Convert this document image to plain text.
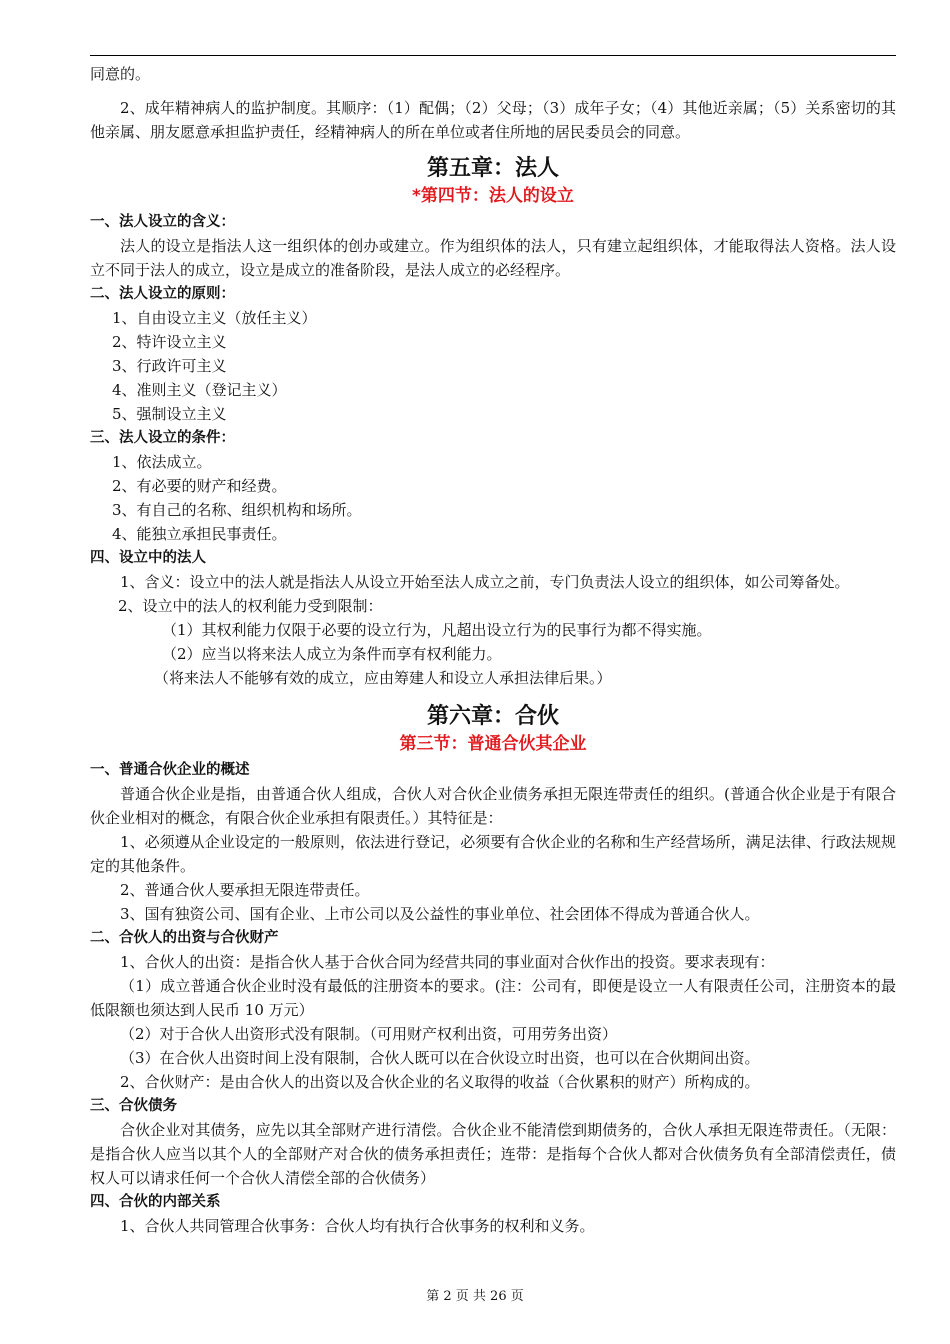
同意的。

2、成年精神病人的监护制度。其顺序：（1）配偶；（2）父母；（3）成年子女；（4）其他近亲属；（5）关系密切的其他亲属、朋友愿意承担监护责任，经精神病人的所在单位或者住所地的居民委员会的同意。

第五章：法人

*第四节：法人的设立

一、法人设立的含义：

法人的设立是指法人这一组织体的创办或建立。作为组织体的法人，只有建立起组织体，才能取得法人资格。法人设立不同于法人的成立，设立是成立的准备阶段，是法人成立的必经程序。

二、法人设立的原则：

1、自由设立主义（放任主义）

2、特许设立主义

3、行政许可主义

4、准则主义（登记主义）

5、强制设立主义

三、法人设立的条件：

1、依法成立。

2、有必要的财产和经费。

3、有自己的名称、组织机构和场所。

4、能独立承担民事责任。

四、设立中的法人

1、含义：设立中的法人就是指法人从设立开始至法人成立之前，专门负责法人设立的组织体，如公司筹备处。

2、设立中的法人的权利能力受到限制：

（1）其权利能力仅限于必要的设立行为，凡超出设立行为的民事行为都不得实施。

（2）应当以将来法人成立为条件而享有权利能力。

（将来法人不能够有效的成立，应由筹建人和设立人承担法律后果。）

第六章：合伙

第三节：普通合伙其企业

一、普通合伙企业的概述

普通合伙企业是指，由普通合伙人组成，合伙人对合伙企业债务承担无限连带责任的组织。(普通合伙企业是于有限合伙企业相对的概念，有限合伙企业承担有限责任。）其特征是：

1、必须遵从企业设定的一般原则，依法进行登记，必须要有合伙企业的名称和生产经营场所，满足法律、行政法规规定的其他条件。

2、普通合伙人要承担无限连带责任。

3、国有独资公司、国有企业、上市公司以及公益性的事业单位、社会团体不得成为普通合伙人。

二、合伙人的出资与合伙财产

1、合伙人的出资：是指合伙人基于合伙合同为经营共同的事业面对合伙作出的投资。要求表现有：

（1）成立普通合伙企业时没有最低的注册资本的要求。(注：公司有，即便是设立一人有限责任公司，注册资本的最低限额也须达到人民币 10 万元）

（2）对于合伙人出资形式没有限制。（可用财产权利出资，可用劳务出资）

（3）在合伙人出资时间上没有限制，合伙人既可以在合伙设立时出资，也可以在合伙期间出资。

2、合伙财产：是由合伙人的出资以及合伙企业的名义取得的收益（合伙累积的财产）所构成的。

三、合伙债务

合伙企业对其债务，应先以其全部财产进行清偿。合伙企业不能清偿到期债务的，合伙人承担无限连带责任。（无限：是指合伙人应当以其个人的全部财产对合伙的债务承担责任；连带：是指每个合伙人都对合伙债务负有全部清偿责任，债权人可以请求任何一个合伙人清偿全部的合伙债务）

四、合伙的内部关系

1、合伙人共同管理合伙事务：合伙人均有执行合伙事务的权利和义务。

第 2 页 共 26 页
